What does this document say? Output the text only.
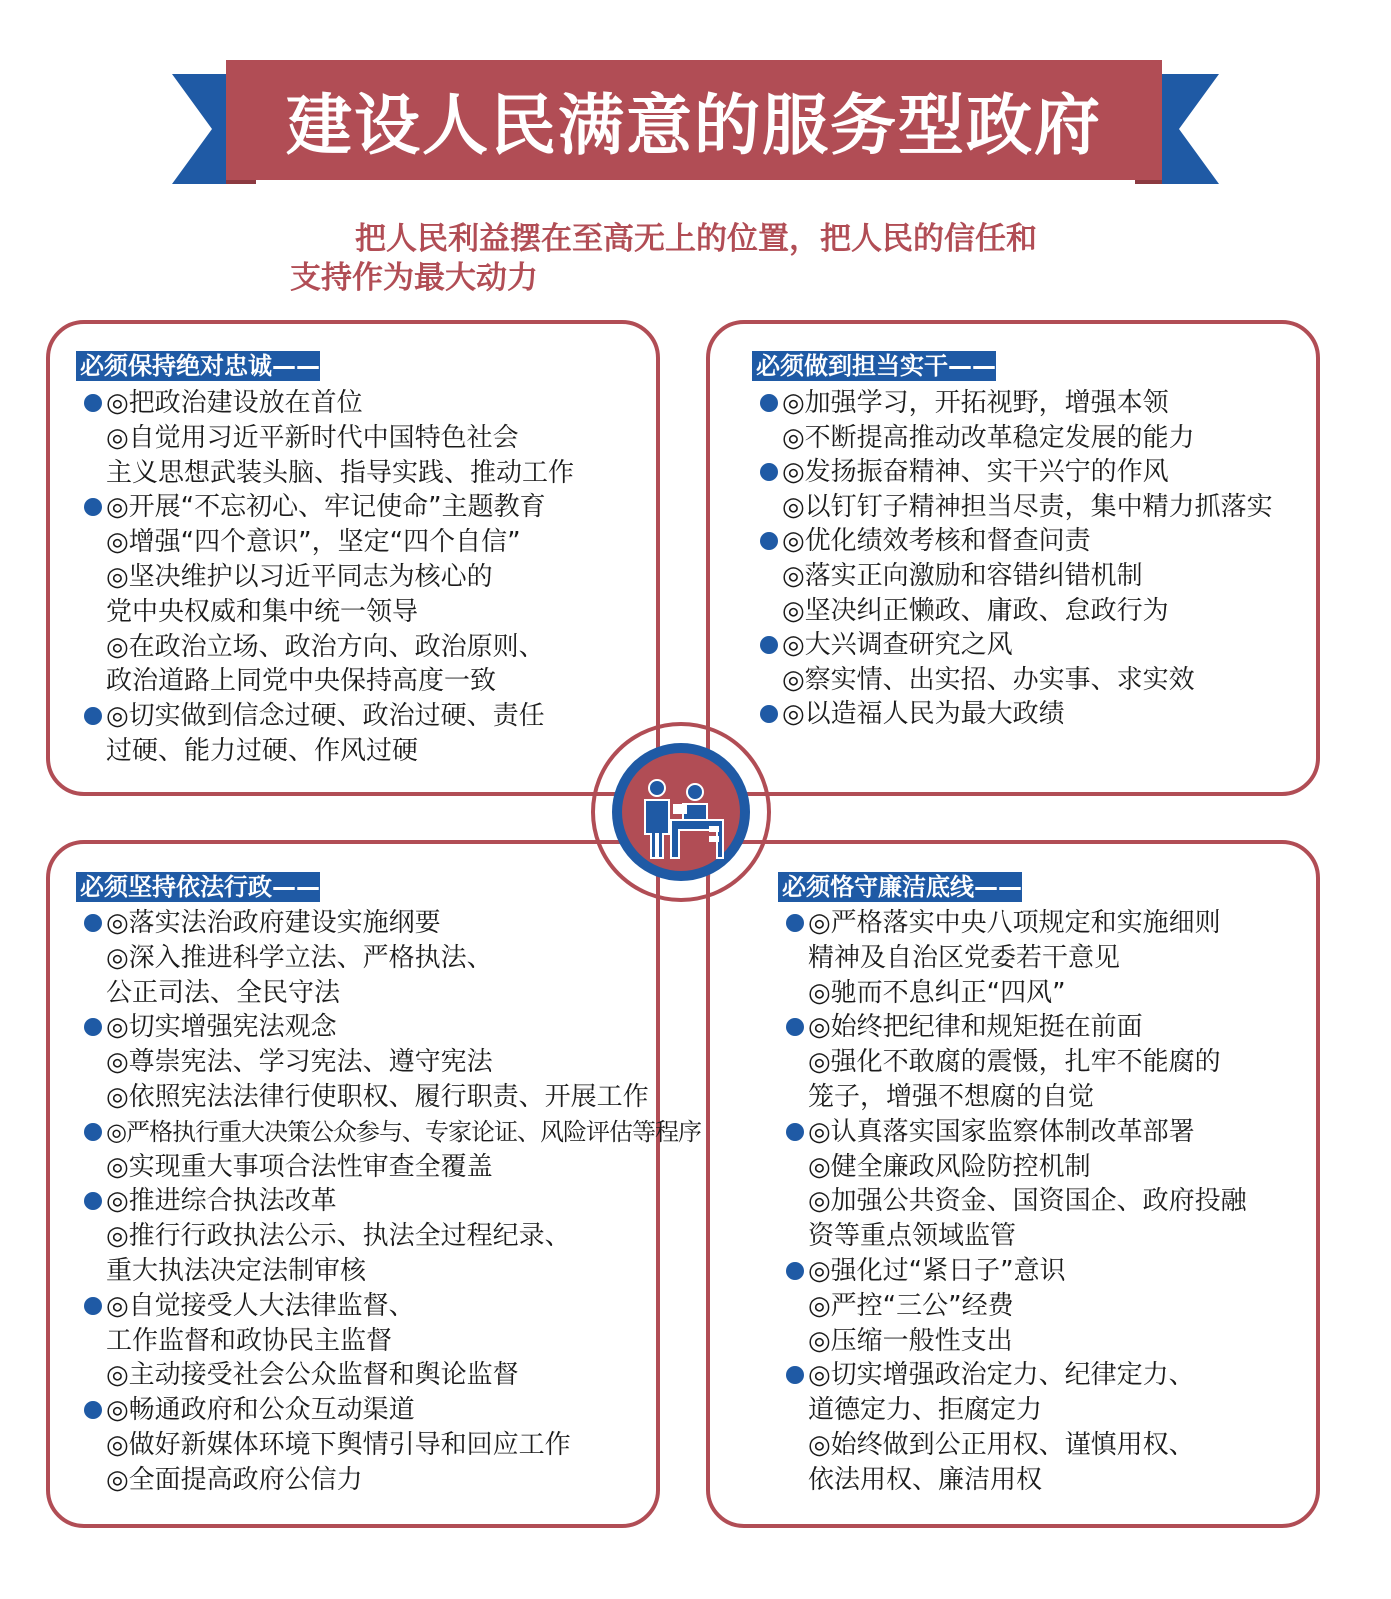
建设人民满意的服务型政府
把人民利益摆在至高无上的位置，把人民的信任和
支持作为最大动力
必须保持绝对忠诚——
◎把政治建设放在首位
◎自觉用习近平新时代中国特色社会
主义思想武装头脑、指导实践、推动工作
◎开展“不忘初心、牢记使命”主题教育
◎增强“四个意识”，坚定“四个自信”
◎坚决维护以习近平同志为核心的
党中央权威和集中统一领导
◎在政治立场、政治方向、政治原则、
政治道路上同党中央保持高度一致
◎切实做到信念过硬、政治过硬、责任
过硬、能力过硬、作风过硬
必须做到担当实干——
◎加强学习，开拓视野，增强本领
◎不断提高推动改革稳定发展的能力
◎发扬振奋精神、实干兴宁的作风
◎以钉钉子精神担当尽责，集中精力抓落实
◎优化绩效考核和督查问责
◎落实正向激励和容错纠错机制
◎坚决纠正懒政、庸政、怠政行为
◎大兴调查研究之风
◎察实情、出实招、办实事、求实效
◎以造福人民为最大政绩
必须坚持依法行政——
◎落实法治政府建设实施纲要
◎深入推进科学立法、严格执法、
公正司法、全民守法
◎切实增强宪法观念
◎尊崇宪法、学习宪法、遵守宪法
◎依照宪法法律行使职权、履行职责、开展工作
◎严格执行重大决策公众参与、专家论证、风险评估等程序
◎实现重大事项合法性审查全覆盖
◎推进综合执法改革
◎推行行政执法公示、执法全过程纪录、
重大执法决定法制审核
◎自觉接受人大法律监督、
工作监督和政协民主监督
◎主动接受社会公众监督和舆论监督
◎畅通政府和公众互动渠道
◎做好新媒体环境下舆情引导和回应工作
◎全面提高政府公信力
必须恪守廉洁底线——
◎严格落实中央八项规定和实施细则
精神及自治区党委若干意见
◎驰而不息纠正“四风”
◎始终把纪律和规矩挺在前面
◎强化不敢腐的震慑，扎牢不能腐的
笼子，增强不想腐的自觉
◎认真落实国家监察体制改革部署
◎健全廉政风险防控机制
◎加强公共资金、国资国企、政府投融
资等重点领域监管
◎强化过“紧日子”意识
◎严控“三公”经费
◎压缩一般性支出
◎切实增强政治定力、纪律定力、
道德定力、拒腐定力
◎始终做到公正用权、谨慎用权、
依法用权、廉洁用权
